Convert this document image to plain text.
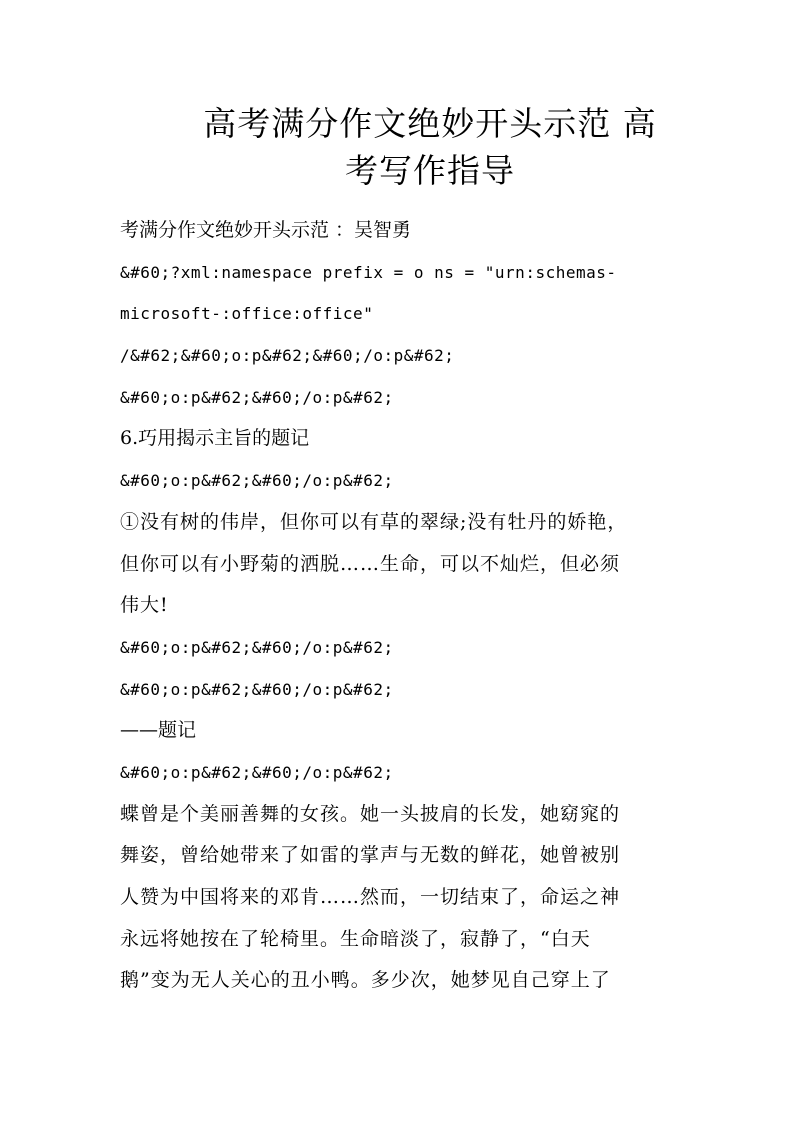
高考满分作文绝妙开头示范 高
考写作指导
考满分作文绝妙开头示范 ：吴智勇
&#60;?xml:namespace prefix = o ns = "urn:schemas-
microsoft-:office:office"
/&#62;&#60;o:p&#62;&#60;/o:p&#62;
&#60;o:p&#62;&#60;/o:p&#62;
6.巧用揭示主旨的题记
&#60;o:p&#62;&#60;/o:p&#62;
①没有树的伟岸，但你可以有草的翠绿;没有牡丹的娇艳，
但你可以有小野菊的洒脱……生命，可以不灿烂，但必须
伟大!
&#60;o:p&#62;&#60;/o:p&#62;
&#60;o:p&#62;&#60;/o:p&#62;
——题记
&#60;o:p&#62;&#60;/o:p&#62;
蝶曾是个美丽善舞的女孩。她一头披肩的长发，她窈窕的
舞姿，曾给她带来了如雷的掌声与无数的鲜花，她曾被别
人赞为中国将来的邓肯……然而，一切结束了，命运之神
永远将她按在了轮椅里。生命暗淡了，寂静了，“白天
鹅”变为无人关心的丑小鸭。多少次，她梦见自己穿上了
